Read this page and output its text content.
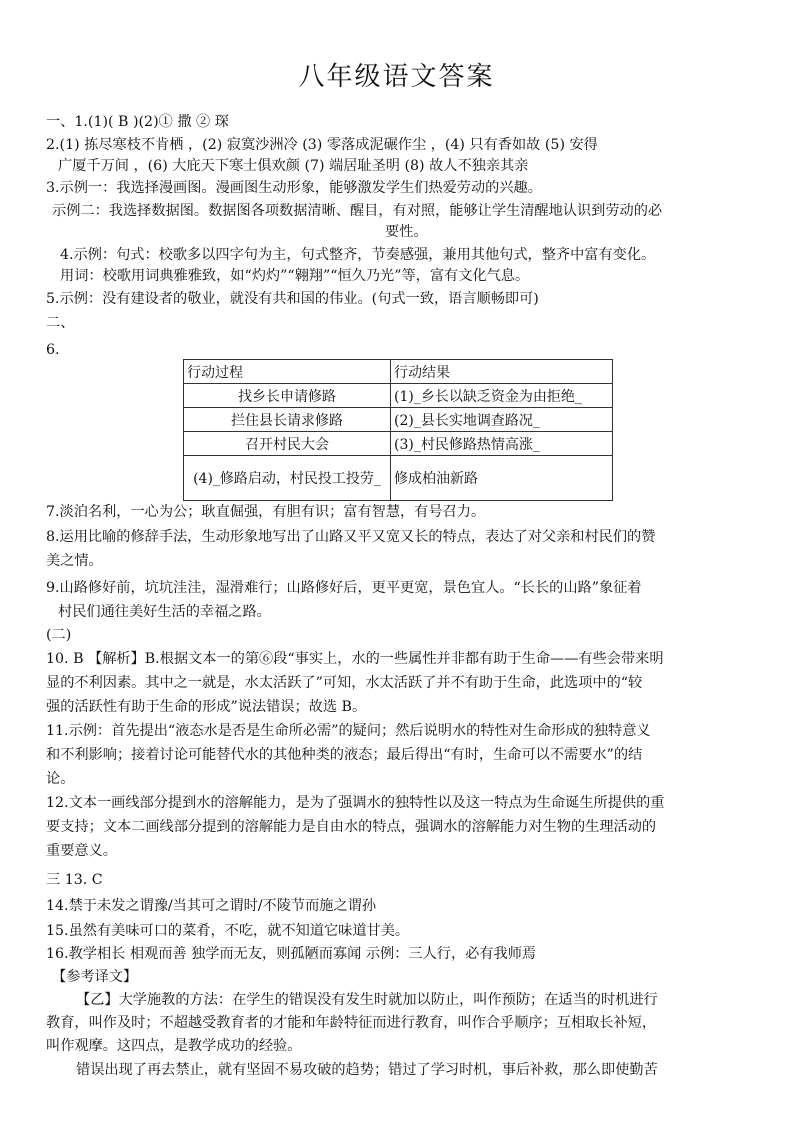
八年级语文答案
一、1.(1)( B )(2)① 撒 ② 琛
2.(1) 拣尽寒枝不肯栖 ，(2) 寂寞沙洲冷 (3) 零落成泥碾作尘 ，(4) 只有香如故 (5) 安得
广厦千万间 ，(6) 大庇天下寒士俱欢颜 (7) 端居耻圣明 (8) 故人不独亲其亲
3.示例一：我选择漫画图。漫画图生动形象，能够激发学生们热爱劳动的兴趣。
示例二：我选择数据图。数据图各项数据清晰、醒目，有对照，能够让学生清醒地认识到劳动的必
要性。
4.示例：句式：校歌多以四字句为主，句式整齐，节奏感强，兼用其他句式，整齐中富有变化。
用词：校歌用词典雅雅致，如“灼灼”“翱翔”“恒久乃光”等，富有文化气息。
5.示例：没有建设者的敬业，就没有共和国的伟业。(句式一致，语言顺畅即可)
二、
6.
行动过程	行动结果
找乡长申请修路	(1)_乡长以缺乏资金为由拒绝_
拦住县长请求修路	(2)_县长实地调查路况_
召开村民大会	(3)_村民修路热情高涨_
(4)_修路启动，村民投工投劳_	修成柏油新路
7.淡泊名利，一心为公；耿直倔强，有胆有识；富有智慧，有号召力。
8.运用比喻的修辞手法，生动形象地写出了山路又平又宽又长的特点，表达了对父亲和村民们的赞
美之情。
9.山路修好前，坑坑洼洼，湿滑难行；山路修好后，更平更宽，景色宜人。“长长的山路”象征着
村民们通往美好生活的幸福之路。
(二)
10. B 【解析】B.根据文本一的第⑥段“事实上，水的一些属性并非都有助于生命——有些会带来明
显的不利因素。其中之一就是，水太活跃了”可知，水太活跃了并不有助于生命，此选项中的“较
强的活跃性有助于生命的形成”说法错误；故选 B。
11.示例：首先提出“液态水是否是生命所必需”的疑问；然后说明水的特性对生命形成的独特意义
和不利影响；接着讨论可能替代水的其他种类的液态；最后得出“有时，生命可以不需要水”的结
论。
12.文本一画线部分提到水的溶解能力，是为了强调水的独特性以及这一特点为生命诞生所提供的重
要支持；文本二画线部分提到的溶解能力是自由水的特点，强调水的溶解能力对生物的生理活动的
重要意义。
三 13. C
14.禁于未发之谓豫/当其可之谓时/不陵节而施之谓孙
15.虽然有美味可口的菜肴，不吃，就不知道它味道甘美。
16.教学相长 相观而善 独学而无友，则孤陋而寡闻 示例：三人行，必有我师焉
【参考译文】
【乙】大学施教的方法：在学生的错误没有发生时就加以防止，叫作预防；在适当的时机进行
教育，叫作及时；不超越受教育者的才能和年龄特征而进行教育，叫作合乎顺序；互相取长补短，
叫作观摩。这四点，是教学成功的经验。
错误出现了再去禁止，就有坚固不易攻破的趋势；错过了学习时机，事后补救，那么即使勤苦
